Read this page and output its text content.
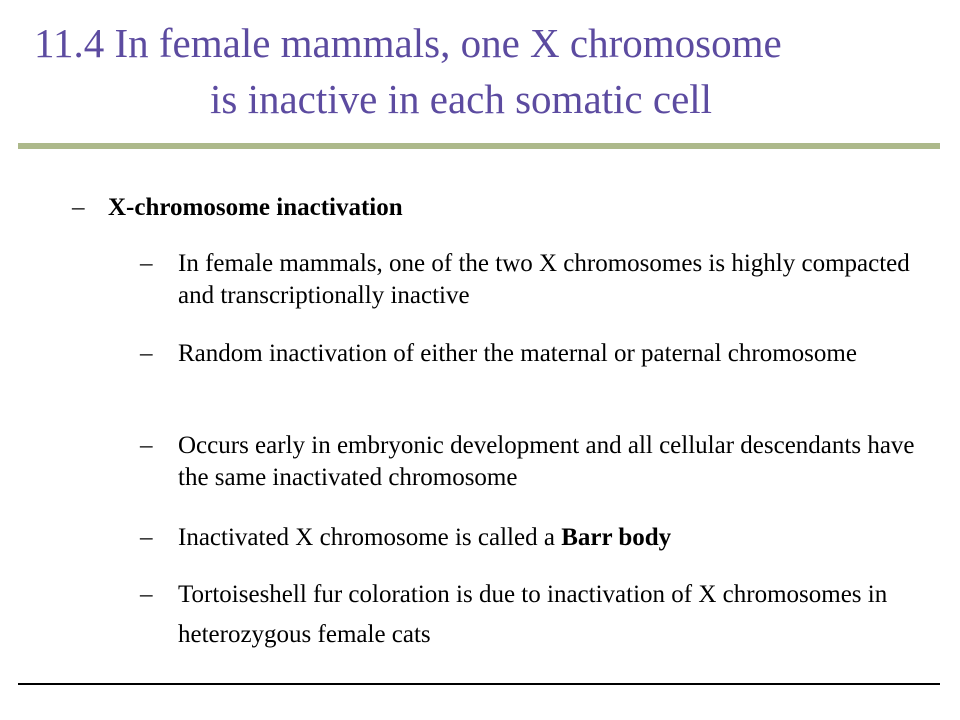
11.4 In female mammals, one X chromosome
is inactive in each somatic cell
– X-chromosome inactivation
– In female mammals, one of the two X chromosomes is highly compacted and transcriptionally inactive
– Random inactivation of either the maternal or paternal chromosome
– Occurs early in embryonic development and all cellular descendants have the same inactivated chromosome
– Inactivated X chromosome is called a Barr body
– Tortoiseshell fur coloration is due to inactivation of X chromosomes in heterozygous female cats
